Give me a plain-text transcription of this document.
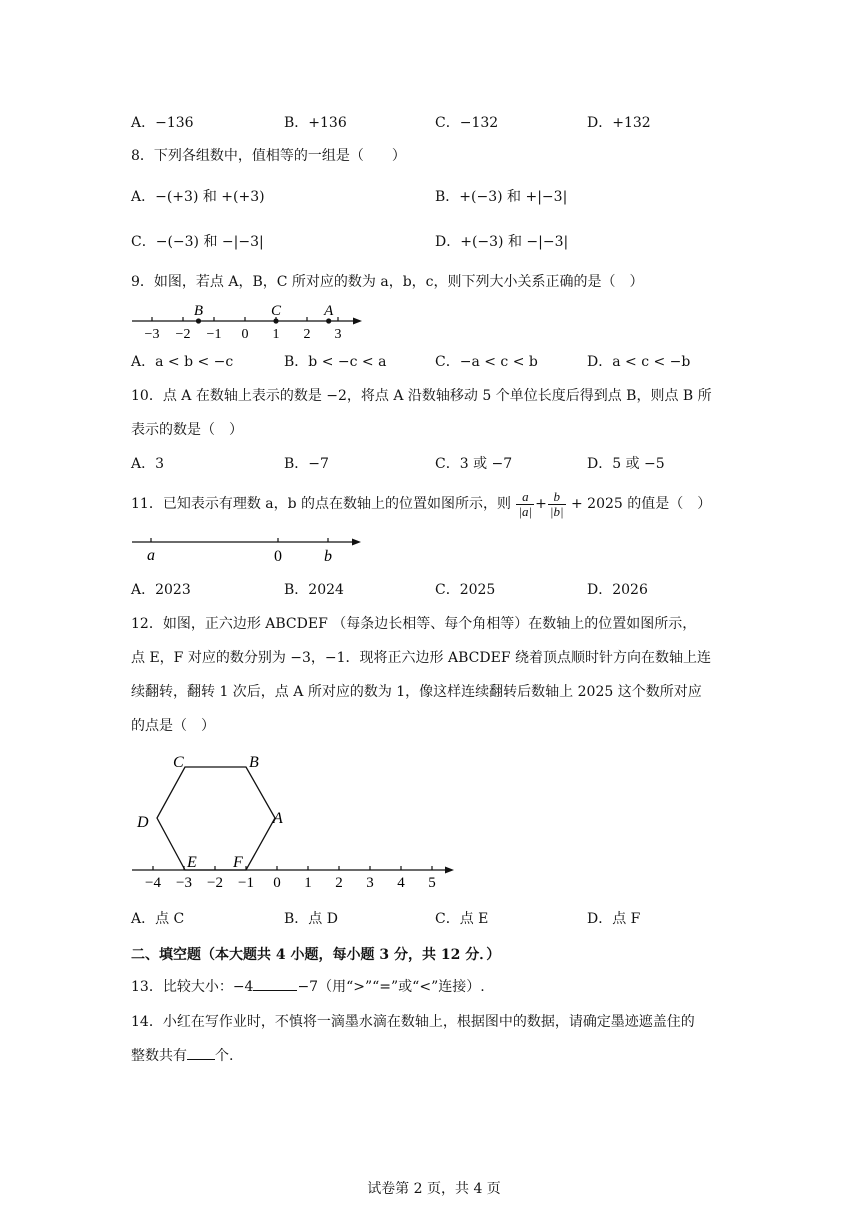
A．−136	B．+136	C．−132	D．+132
8．下列各组数中，值相等的一组是（　　）
A．−(+3) 和 +(+3)	B．+(−3) 和 +|−3|
C．−(−3) 和 −|−3|	D．+(−3) 和 −|−3|
9．如图，若点 A，B，C 所对应的数为 a，b，c，则下列大小关系正确的是（　）
−3 −2 −1 0 1 2 3
B	C	A
A．a < b < −c	B．b < −c < a	C．−a < c < b	D．a < c < −b
10．点 A 在数轴上表示的数是 −2，将点 A 沿数轴移动 5 个单位长度后得到点 B，则点 B 所
表示的数是（　）
A．3	B．−7	C．3 或 −7	D．5 或 −5
11．已知表示有理数 a，b 的点在数轴上的位置如图所示，则 $\frac{a}{|a|} + \frac{b}{|b|} + 2025$ 的值是（　）
a	0	b
A．2023	B．2024	C．2025	D．2026
12．如图，正六边形 ABCDEF （每条边长相等、每个角相等）在数轴上的位置如图所示，
点 E，F 对应的数分别为 −3，−1．现将正六边形 ABCDEF 绕着顶点顺时针方向在数轴上连
续翻转，翻转 1 次后，点 A 所对应的数为 1，像这样连续翻转后数轴上 2025 这个数所对应
的点是（　）
−4 −3 −2 −1 0 1 2 3 4 5
A
B
C
D
E F
A．点 C	B．点 D	C．点 E	D．点 F
二、填空题（本大题共 4 小题，每小题 3 分，共 12 分．）
13．比较大小：−4	−7（用“>”“=”或“<”连接）.
14．小红在写作业时，不慎将一滴墨水滴在数轴上，根据图中的数据，请确定墨迹遮盖住的
整数共有 个.
试卷第 2 页，共 4 页
